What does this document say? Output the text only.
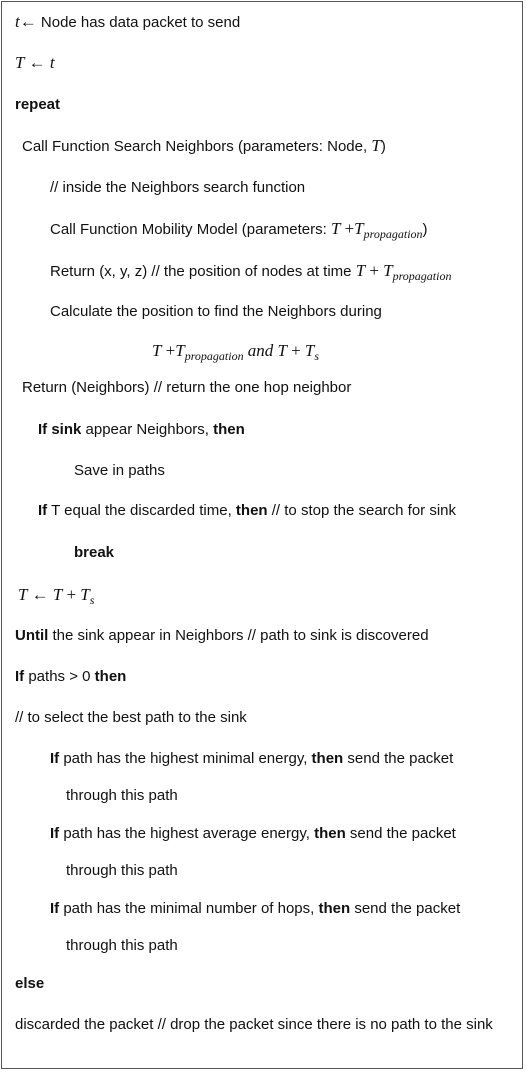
t← Node has data packet to send
T ← t
repeat
Call Function Search Neighbors (parameters: Node, T)
// inside the Neighbors search function
Call Function Mobility Model (parameters: $T +T_{propagation}$)
Return (x, y, z) // the position of nodes at time $T + T_{propagation}$
Calculate the position to find the Neighbors during
$T +T_{propagation}$ and $T + T_s$
Return (Neighbors) // return the one hop neighbor
If sink appear Neighbors, then
Save in paths
If T equal the discarded time, then // to stop the search for sink
break
T ← $T + T_s$
Until the sink appear in Neighbors // path to sink is discovered
If paths > 0 then
// to select the best path to the sink
If path has the highest minimal energy, then send the packet
through this path
If path has the highest average energy, then send the packet
through this path
If path has the minimal number of hops, then send the packet
through this path
else
discarded the packet // drop the packet since there is no path to the sink
